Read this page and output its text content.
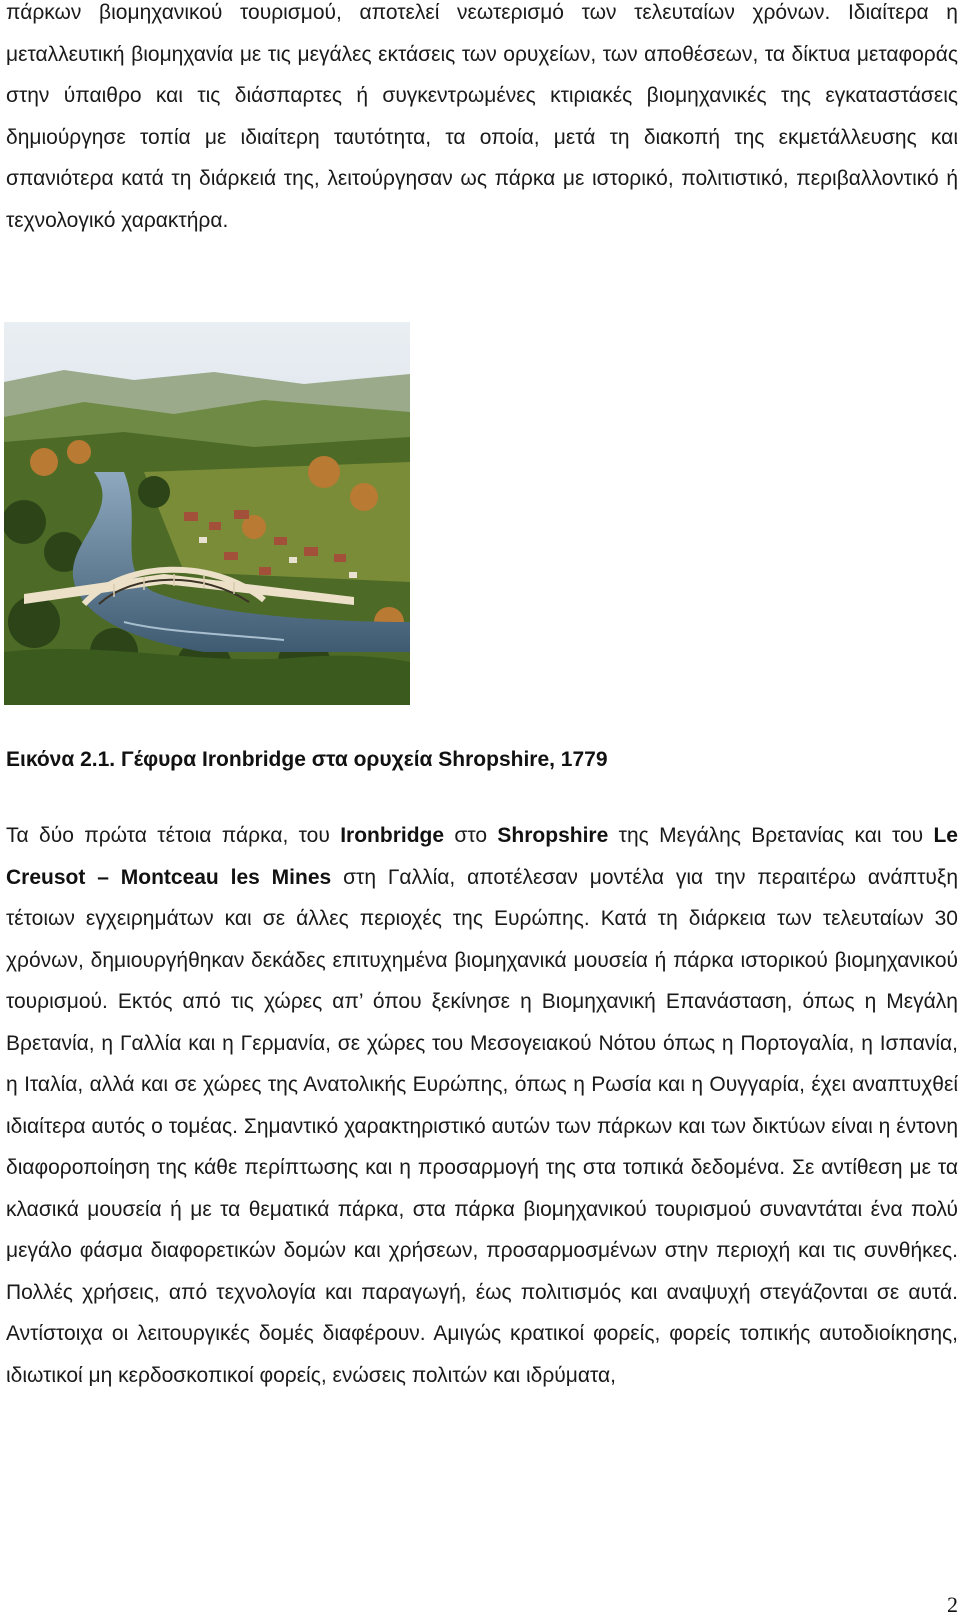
πάρκων βιομηχανικού τουρισμού, αποτελεί νεωτερισμό των τελευταίων χρόνων. Ιδιαίτερα η μεταλλευτική βιομηχανία με τις μεγάλες εκτάσεις των ορυχείων, των αποθέσεων, τα δίκτυα μεταφοράς στην ύπαιθρο και τις διάσπαρτες ή συγκεντρωμένες κτιριακές βιομηχανικές της εγκαταστάσεις δημιούργησε τοπία με ιδιαίτερη ταυτότητα, τα οποία, μετά τη διακοπή της εκμετάλλευσης και σπανιότερα κατά τη διάρκειά της, λειτούργησαν ως πάρκα με ιστορικό, πολιτιστικό, περιβαλλοντικό ή τεχνολογικό χαρακτήρα.

Εικόνα 2.1. Γέφυρα Ironbridge στα ορυχεία Shropshire, 1779

Τα δύο πρώτα τέτοια πάρκα, του Ironbridge στο Shropshire της Μεγάλης Βρετανίας και του Le Creusot – Montceau les Mines στη Γαλλία, αποτέλεσαν μοντέλα για την περαιτέρω ανάπτυξη τέτοιων εγχειρημάτων και σε άλλες περιοχές της Ευρώπης. Κατά τη διάρκεια των τελευταίων 30 χρόνων, δημιουργήθηκαν δεκάδες επιτυχημένα βιομηχανικά μουσεία ή πάρκα ιστορικού βιομηχανικού τουρισμού. Εκτός από τις χώρες απ’ όπου ξεκίνησε η Βιομηχανική Επανάσταση, όπως η Μεγάλη Βρετανία, η Γαλλία και η Γερμανία, σε χώρες του Μεσογειακού Νότου όπως η Πορτογαλία, η Ισπανία, η Ιταλία, αλλά και σε χώρες της Ανατολικής Ευρώπης, όπως η Ρωσία και η Ουγγαρία, έχει αναπτυχθεί ιδιαίτερα αυτός ο τομέας. Σημαντικό χαρακτηριστικό αυτών των πάρκων και των δικτύων είναι η έντονη διαφοροποίηση της κάθε περίπτωσης και η προσαρμογή της στα τοπικά δεδομένα. Σε αντίθεση με τα κλασικά μουσεία ή με τα θεματικά πάρκα, στα πάρκα βιομηχανικού τουρισμού συναντάται ένα πολύ μεγάλο φάσμα διαφορετικών δομών και χρήσεων, προσαρμοσμένων στην περιοχή και τις συνθήκες. Πολλές χρήσεις, από τεχνολογία και παραγωγή, έως πολιτισμός και αναψυχή στεγάζονται σε αυτά. Αντίστοιχα οι λειτουργικές δομές διαφέρουν. Αμιγώς κρατικοί φορείς, φορείς τοπικής αυτοδιοίκησης, ιδιωτικοί μη κερδοσκοπικοί φορείς, ενώσεις πολιτών και ιδρύματα,

2
